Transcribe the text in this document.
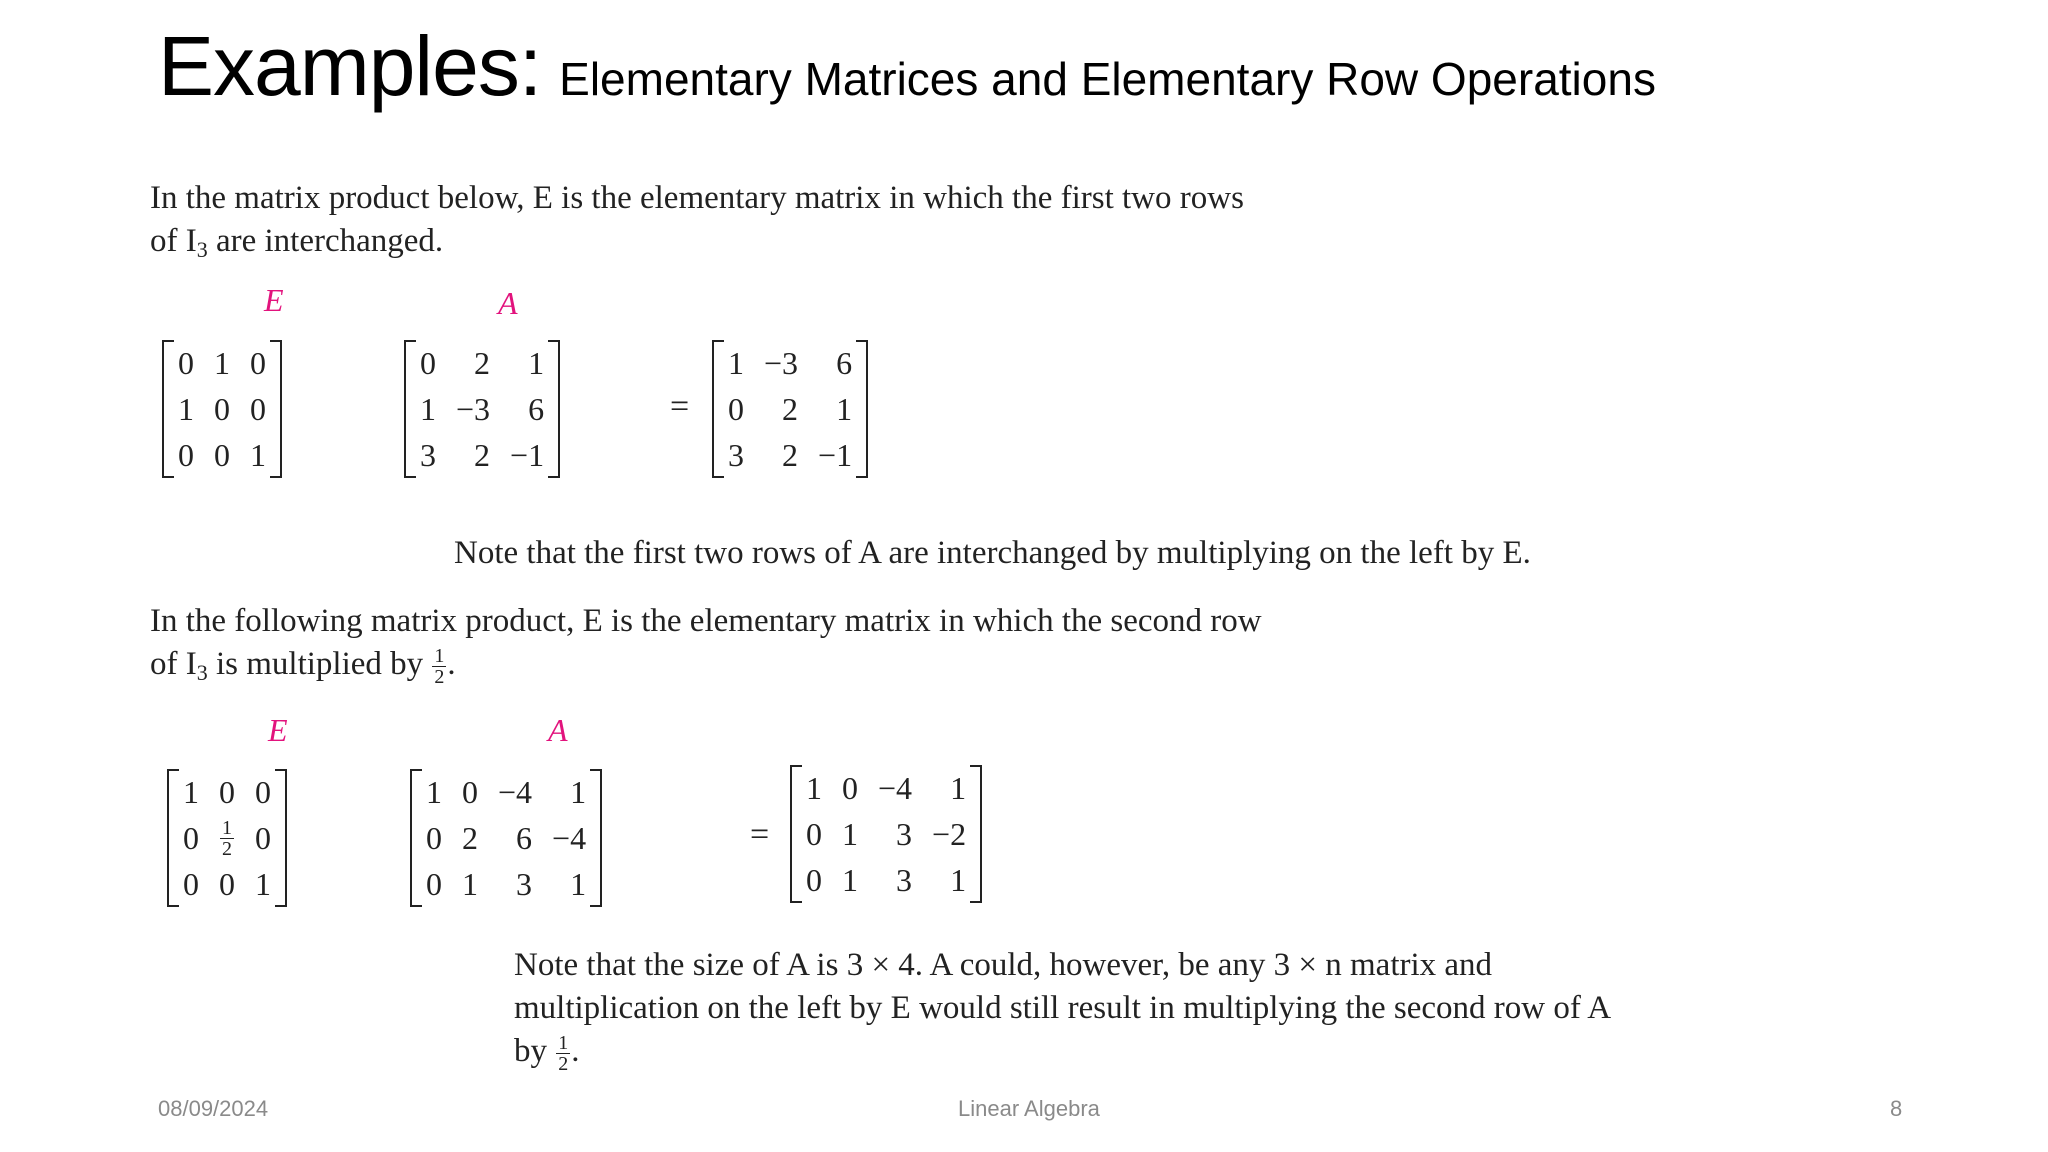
Examples: Elementary Matrices and Elementary Row Operations
In the matrix product below, E is the elementary matrix in which the first two rows
of I3 are interchanged.
E	A
0	1	0
1	0	0
0	0	1
0	2	1
1	−3	6
3	2	−1
=
1	−3	6
0	2	1
3	2	−1
Note that the first two rows of A are interchanged by multiplying on the left by E.
In the following matrix product, E is the elementary matrix in which the second row
of I3 is multiplied by $\frac{1}{2}$ .
E	A
1	0	0
0	$\frac{1}{2}$	0
0	0	1
1	0	−4	1
0	2	6	−4
0	1	3	1
=
1	0	−4	1
0	1	3	−2
0	1	3	1
Note that the size of A is 3 × 4. A could, however, be any 3 × n matrix and
multiplication on the left by E would still result in multiplying the second row of A
by $\frac{1}{2}$ .
08/09/2024	Linear Algebra	8
